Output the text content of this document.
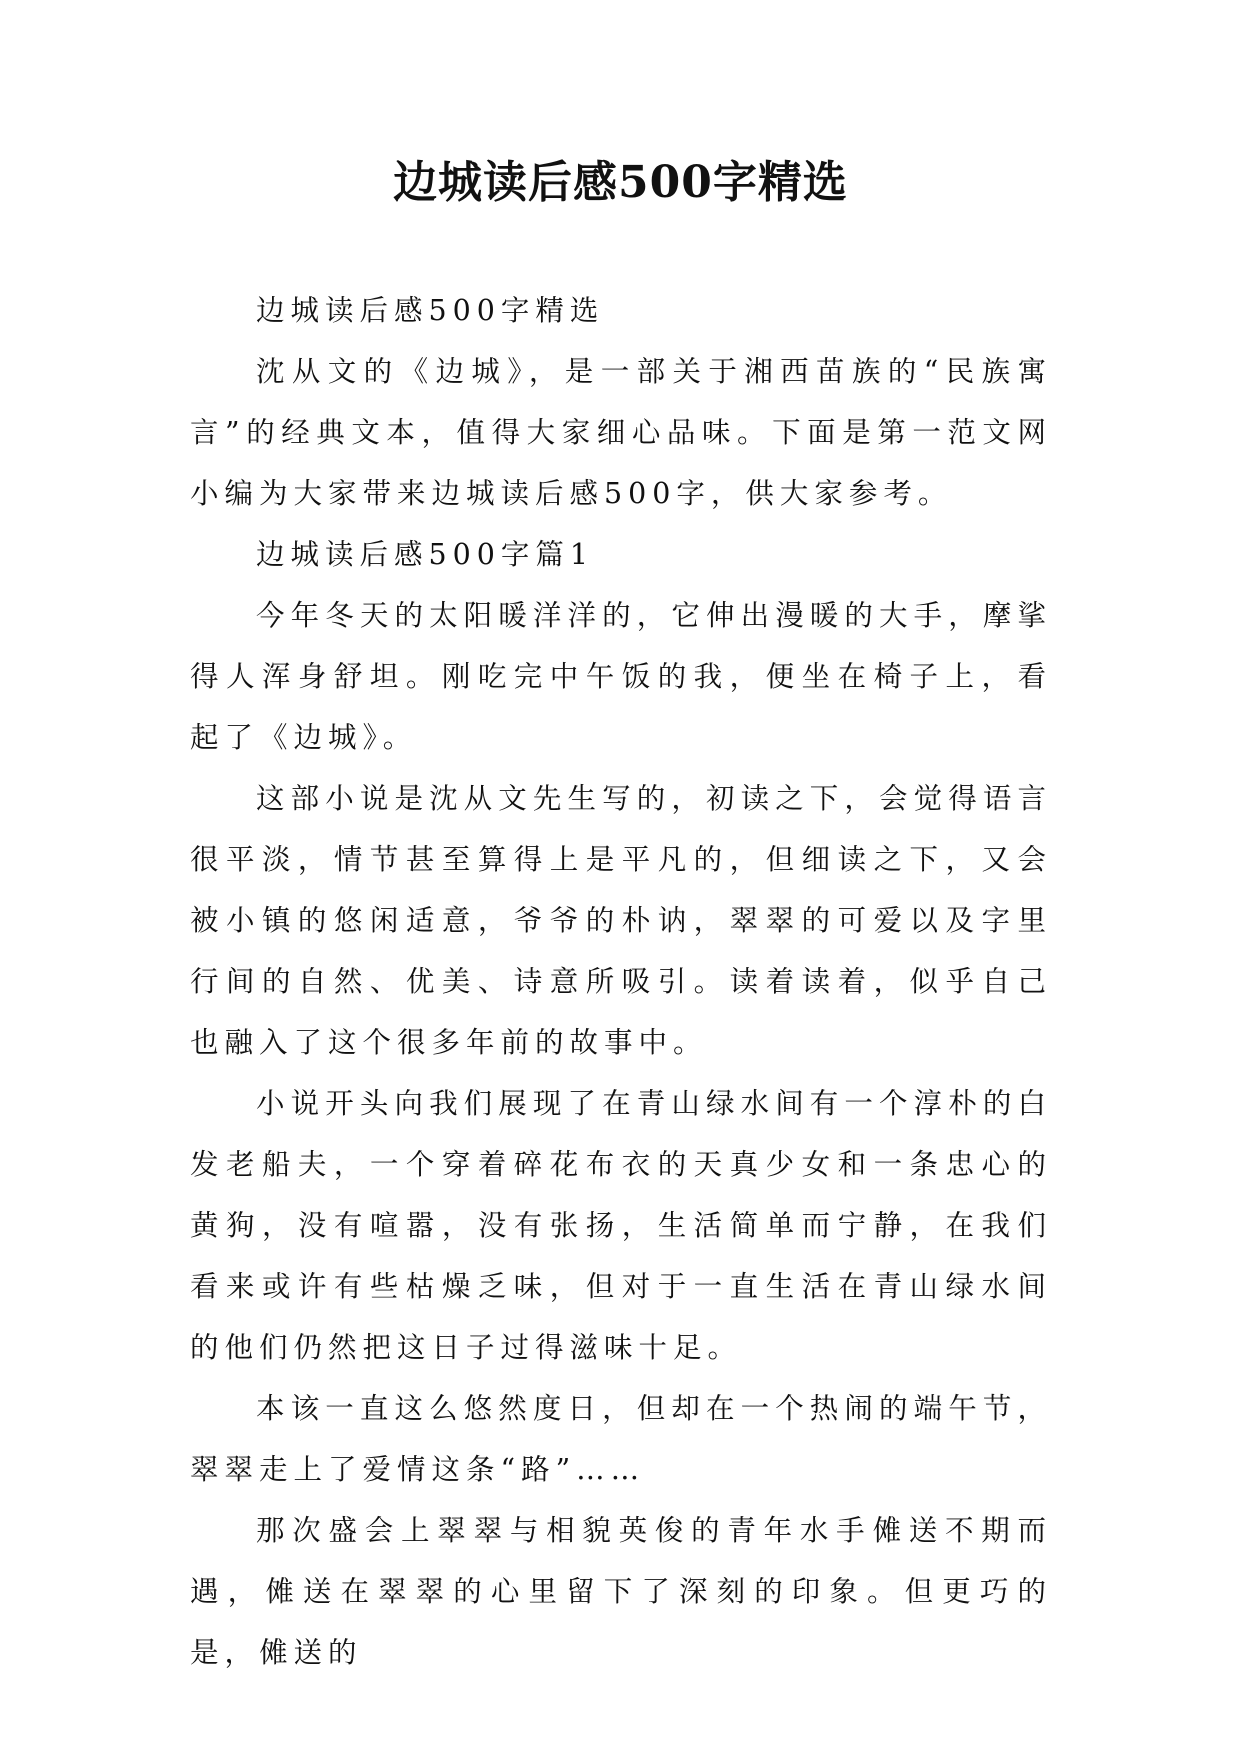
边城读后感500字精选

边城读后感500字精选

沈从文的《边城》，是一部关于湘西苗族的“民族寓言”的经典文本，值得大家细心品味。下面是第一范文网小编为大家带来边城读后感500字，供大家参考。

边城读后感500字篇1

今年冬天的太阳暖洋洋的，它伸出漫暖的大手，摩挲得人浑身舒坦。刚吃完中午饭的我，便坐在椅子上，看起了《边城》。

这部小说是沈从文先生写的，初读之下，会觉得语言很平淡，情节甚至算得上是平凡的，但细读之下，又会被小镇的悠闲适意，爷爷的朴讷，翠翠的可爱以及字里行间的自然、优美、诗意所吸引。读着读着，似乎自己也融入了这个很多年前的故事中。

小说开头向我们展现了在青山绿水间有一个淳朴的白发老船夫，一个穿着碎花布衣的天真少女和一条忠心的黄狗，没有喧嚣，没有张扬，生活简单而宁静，在我们看来或许有些枯燥乏味，但对于一直生活在青山绿水间的他们仍然把这日子过得滋味十足。

本该一直这么悠然度日，但却在一个热闹的端午节，翠翠走上了爱情这条“路”……

那次盛会上翠翠与相貌英俊的青年水手傩送不期而遇，傩送在翠翠的心里留下了深刻的印象。但更巧的是，傩送的
